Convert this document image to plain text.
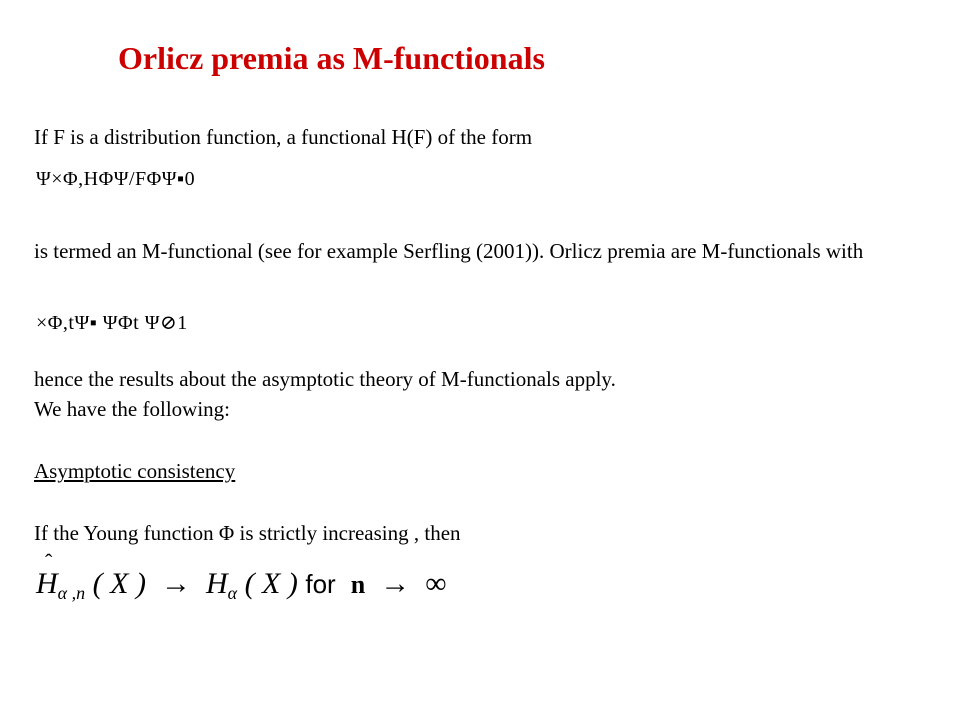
Orlicz premia as M-functionals
If F is a distribution function, a functional H(F) of the form
Ψ×Φ,HΦΨ/FΦΨ▪0
is termed an M-functional (see for example Serfling (2001)). Orlicz premia are M-functionals with
×Φ,tΨ▪ ΨΦt Ψ⊘1
hence the results about the asymptotic theory of M-functionals apply.
We have the following:
Asymptotic consistency
If the Young function Φ is strictly increasing , then
ˆ
$H_{\alpha ,n}$ ( X ) → $H_\alpha$ ( X ) for n → ∞
